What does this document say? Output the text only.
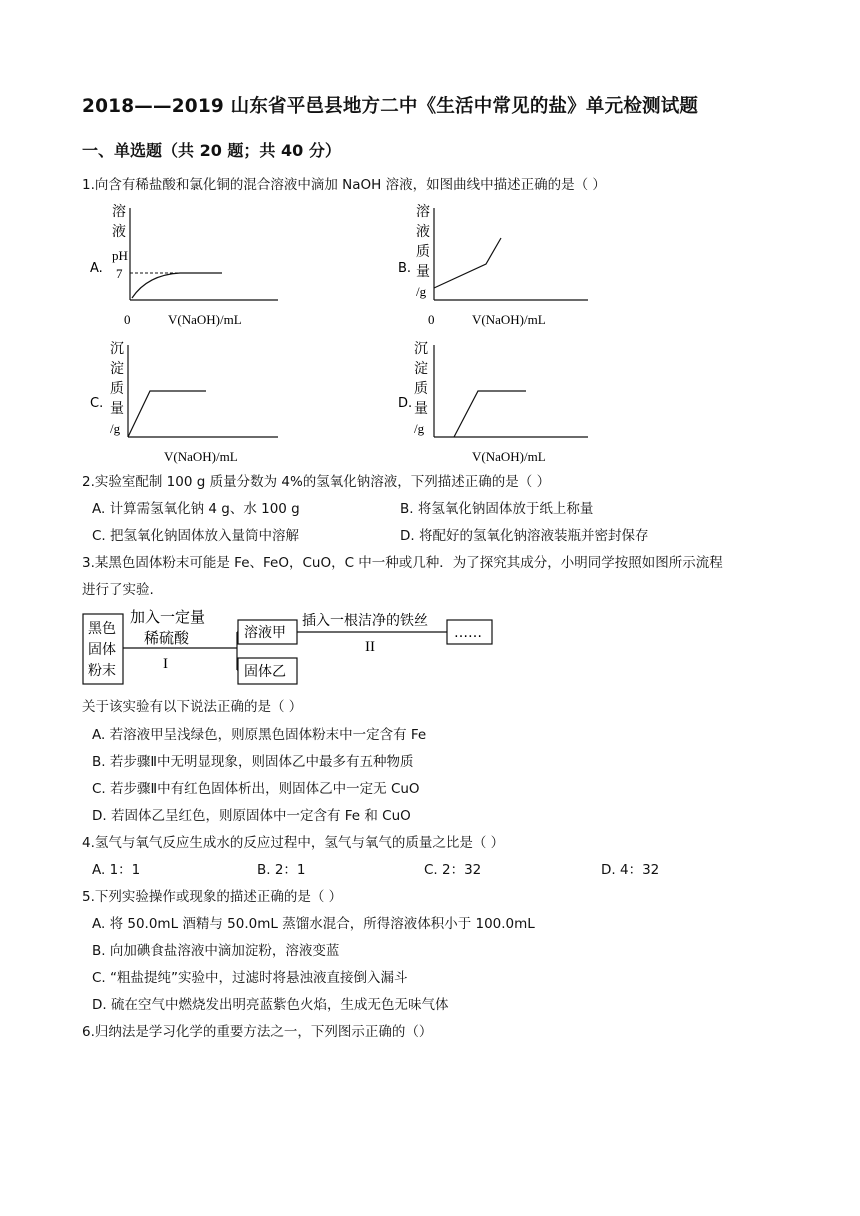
2018——2019 山东省平邑县地方二中《生活中常见的盐》单元检测试题
一、单选题（共 20 题；共 40 分）
1.向含有稀盐酸和氯化铜的混合溶液中滴加 NaOH 溶液，如图曲线中描述正确的是（ ）
A.
溶
液
pH
7
0	V(NaOH)/mL
B.
溶
液
质
量
/g
0	V(NaOH)/mL
C.
沉
淀
质
量
/g
V(NaOH)/mL
D.
沉
淀
质
量
/g
V(NaOH)/mL
2.实验室配制 100 g 质量分数为 4%的氢氧化钠溶液，下列描述正确的是（ ）
A. 计算需氢氧化钠 4 g、水 100 g	B. 将氢氧化钠固体放于纸上称量
C. 把氢氧化钠固体放入量筒中溶解	D. 将配好的氢氧化钠溶液装瓶并密封保存
3.某黑色固体粉末可能是 Fe、FeO，CuO，C 中一种或几种．为了探究其成分，小明同学按照如图所示流程
进行了实验.
黑色
固体
粉末
加入一定量
稀硫酸
I
溶液甲
固体乙
插入一根洁净的铁丝
II
……
关于该实验有以下说法正确的是（ ）
A. 若溶液甲呈浅绿色，则原黑色固体粉末中一定含有 Fe
B. 若步骤Ⅱ中无明显现象，则固体乙中最多有五种物质
C. 若步骤Ⅱ中有红色固体析出，则固体乙中一定无 CuO
D. 若固体乙呈红色，则原固体中一定含有 Fe 和 CuO
4.氢气与氧气反应生成水的反应过程中，氢气与氧气的质量之比是（ ）
A. 1：1	B. 2：1	C. 2：32	D. 4：32
5.下列实验操作或现象的描述正确的是（ ）
A. 将 50.0mL 酒精与 50.0mL 蒸馏水混合，所得溶液体积小于 100.0mL
B. 向加碘食盐溶液中滴加淀粉，溶液变蓝
C. “粗盐提纯”实验中，过滤时将悬浊液直接倒入漏斗
D. 硫在空气中燃烧发出明亮蓝紫色火焰，生成无色无味气体
6.归纳法是学习化学的重要方法之一，下列图示正确的（）
